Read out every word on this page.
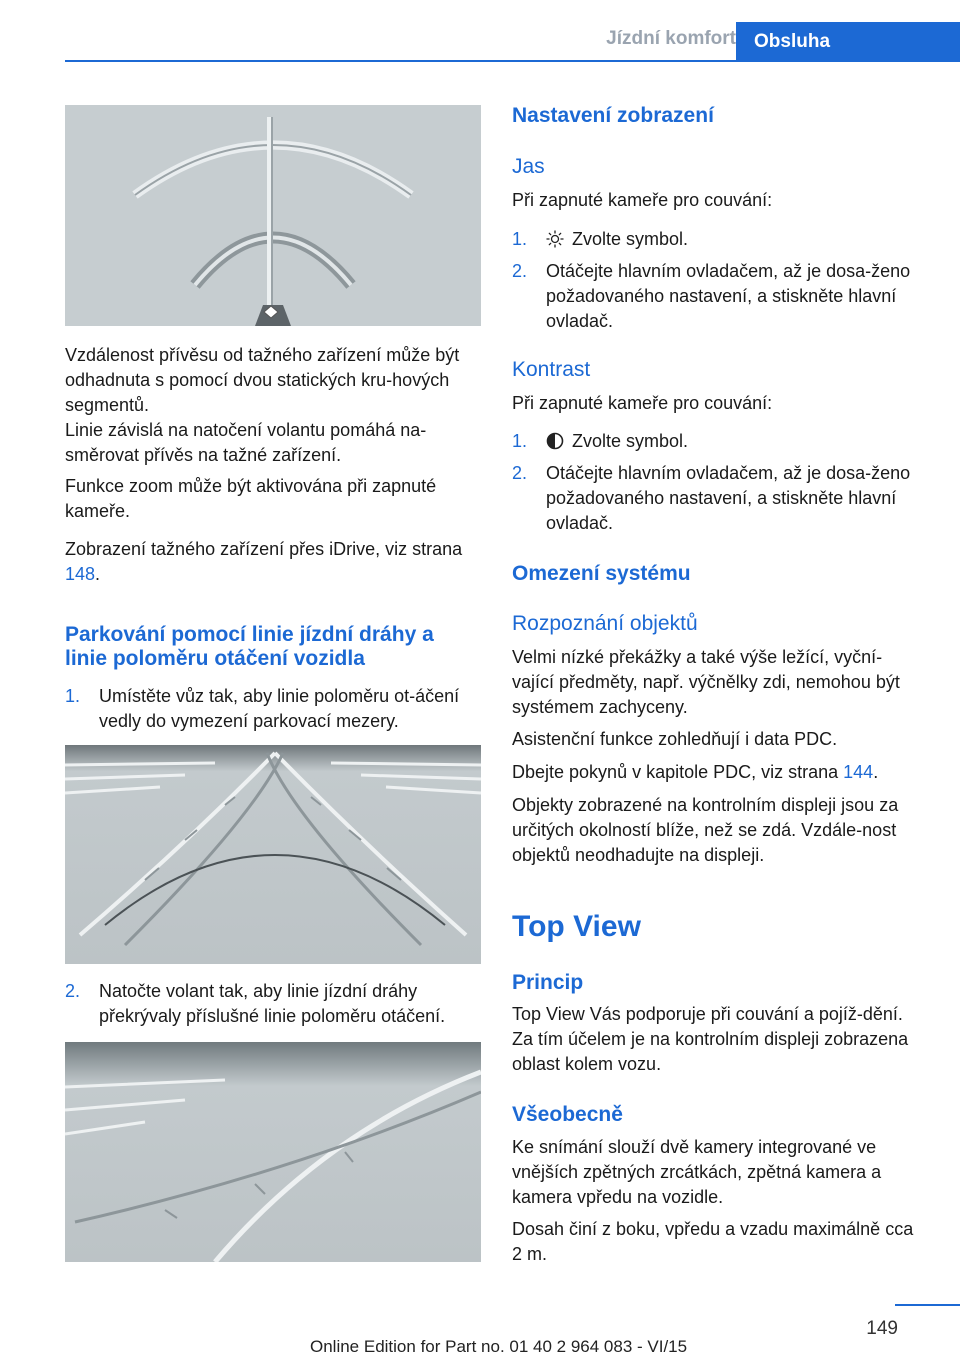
Jízdní komfort Obsluha

Vzdálenost přívěsu od tažného zařízení může být odhadnuta s pomocí dvou statických kru‐hových segmentů.

Linie závislá na natočení volantu pomáhá na‐směrovat přívěs na tažné zařízení.

Funkce zoom může být aktivována při zapnuté kameře.

Zobrazení tažného zařízení přes iDrive, viz strana 148.

Parkování pomocí linie jízdní dráhy a linie poloměru otáčení vozidla
1. Umístěte vůz tak, aby linie poloměru ot‐áčení vedly do vymezení parkovací mezery.
2. Natočte volant tak, aby linie jízdní dráhy překrývaly příslušné linie poloměru otáčení.
Nastavení zobrazení
Jas

Při zapnuté kameře pro couvání:

1.	Zvolte symbol.
2. Otáčejte hlavním ovladačem, až je dosa‐ženo požadovaného nastavení, a stiskněte hlavní ovladač.
Kontrast

Při zapnuté kameře pro couvání:

1.	Zvolte symbol.
2. Otáčejte hlavním ovladačem, až je dosa‐ženo požadovaného nastavení, a stiskněte hlavní ovladač.
Omezení systému
Rozpoznání objektů

Velmi nízké překážky a také výše ležící, vyční‐vající předměty, např. výčnělky zdi, nemohou být systémem zachyceny.

Asistenční funkce zohledňují i data PDC.

Dbejte pokynů v kapitole PDC, viz strana 144.

Objekty zobrazené na kontrolním displeji jsou za určitých okolností blíže, než se zdá. Vzdále‐nost objektů neodhadujte na displeji.

Top View
Princip

Top View Vás podporuje při couvání a pojíž‐dění. Za tím účelem je na kontrolním displeji zobrazena oblast kolem vozu.

Všeobecně

Ke snímání slouží dvě kamery integrované ve vnějších zpětných zrcátkách, zpětná kamera a kamera vpředu na vozidle.

Dosah činí z boku, vpředu a vzadu maximálně cca 2 m.

149
Online Edition for Part no. 01 40 2 964 083 - VI/15
